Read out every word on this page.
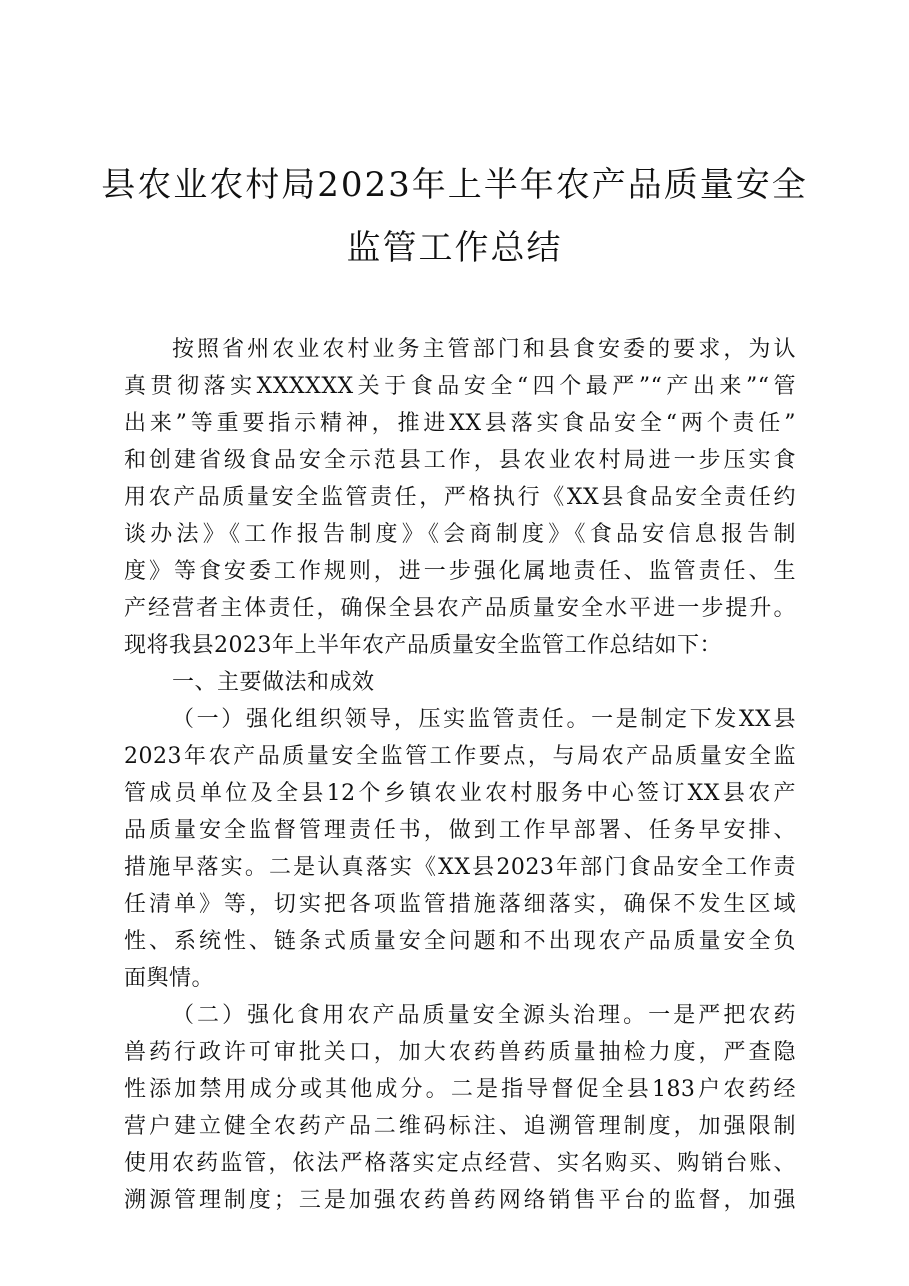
县农业农村局2023年上半年农产品质量安全
监管工作总结
按照省州农业农村业务主管部门和县食安委的要求，为认
真贯彻落实XXXXXX关于食品安全“四个最严”“产出来”“管
出来”等重要指示精神，推进XX县落实食品安全“两个责任”
和创建省级食品安全示范县工作，县农业农村局进一步压实食
用农产品质量安全监管责任，严格执行《XX县食品安全责任约
谈办法》《工作报告制度》《会商制度》《食品安信息报告制
度》等食安委工作规则，进一步强化属地责任、监管责任、生
产经营者主体责任，确保全县农产品质量安全水平进一步提升。
现将我县2023年上半年农产品质量安全监管工作总结如下：
一、主要做法和成效
（一）强化组织领导，压实监管责任。一是制定下发XX县
2023年农产品质量安全监管工作要点，与局农产品质量安全监
管成员单位及全县12个乡镇农业农村服务中心签订XX县农产
品质量安全监督管理责任书，做到工作早部署、任务早安排、
措施早落实。二是认真落实《XX县2023年部门食品安全工作责
任清单》等，切实把各项监管措施落细落实，确保不发生区域
性、系统性、链条式质量安全问题和不出现农产品质量安全负
面舆情。
（二）强化食用农产品质量安全源头治理。一是严把农药
兽药行政许可审批关口，加大农药兽药质量抽检力度，严查隐
性添加禁用成分或其他成分。二是指导督促全县183户农药经
营户建立健全农药产品二维码标注、追溯管理制度，加强限制
使用农药监管，依法严格落实定点经营、实名购买、购销台账、
溯源管理制度；三是加强农药兽药网络销售平台的监督，加强
